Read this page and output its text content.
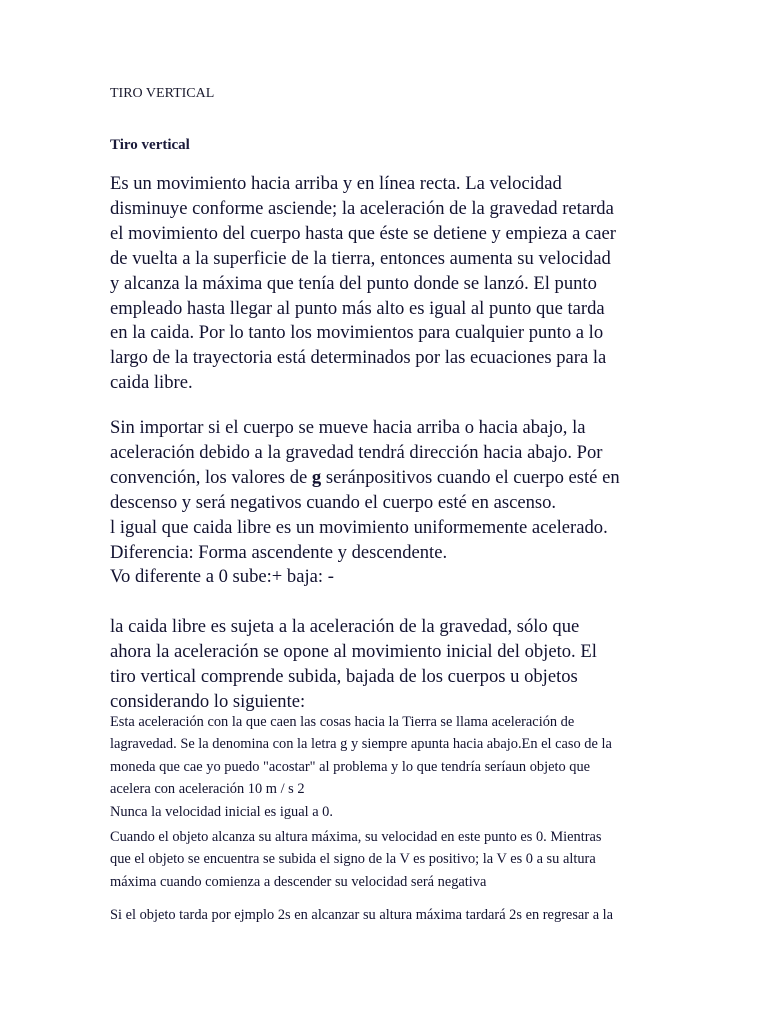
TIRO VERTICAL
Tiro vertical
Es un movimiento hacia arriba y en línea recta. La velocidad
disminuye conforme asciende; la aceleración de la gravedad retarda
el movimiento del cuerpo hasta que éste se detiene y empieza a caer
de vuelta a la superficie de la tierra, entonces aumenta su velocidad
y alcanza la máxima que tenía del punto donde se lanzó. El punto
empleado hasta llegar al punto más alto es igual al punto que tarda
en la caida. Por lo tanto los movimientos para cualquier punto a lo
largo de la trayectoria está determinados por las ecuaciones para la
caida libre.
Sin importar si el cuerpo se mueve hacia arriba o hacia abajo, la
aceleración debido a la gravedad tendrá dirección hacia abajo. Por
convención, los valores de g seránpositivos cuando el cuerpo esté en
descenso y será negativos cuando el cuerpo esté en ascenso.
l igual que caida libre es un movimiento uniformemente acelerado.
Diferencia: Forma ascendente y descendente.
Vo diferente a 0 sube:+ baja: -
la caida libre es sujeta a la aceleración de la gravedad, sólo que
ahora la aceleración se opone al movimiento inicial del objeto. El
tiro vertical comprende subida, bajada de los cuerpos u objetos
considerando lo siguiente:
Esta aceleración con la que caen las cosas hacia la Tierra se llama aceleración de
lagravedad. Se la denomina con la letra g y siempre apunta hacia abajo.En el caso de la
moneda que cae yo puedo "acostar" al problema y lo que tendría seríaun objeto que
acelera con aceleración 10 m / s 2
Nunca la velocidad inicial es igual a 0.
Cuando el objeto alcanza su altura máxima, su velocidad en este punto es 0. Mientras
que el objeto se encuentra se subida el signo de la V es positivo; la V es 0 a su altura
máxima cuando comienza a descender su velocidad será negativa
Si el objeto tarda por ejmplo 2s en alcanzar su altura máxima tardará 2s en regresar a la
